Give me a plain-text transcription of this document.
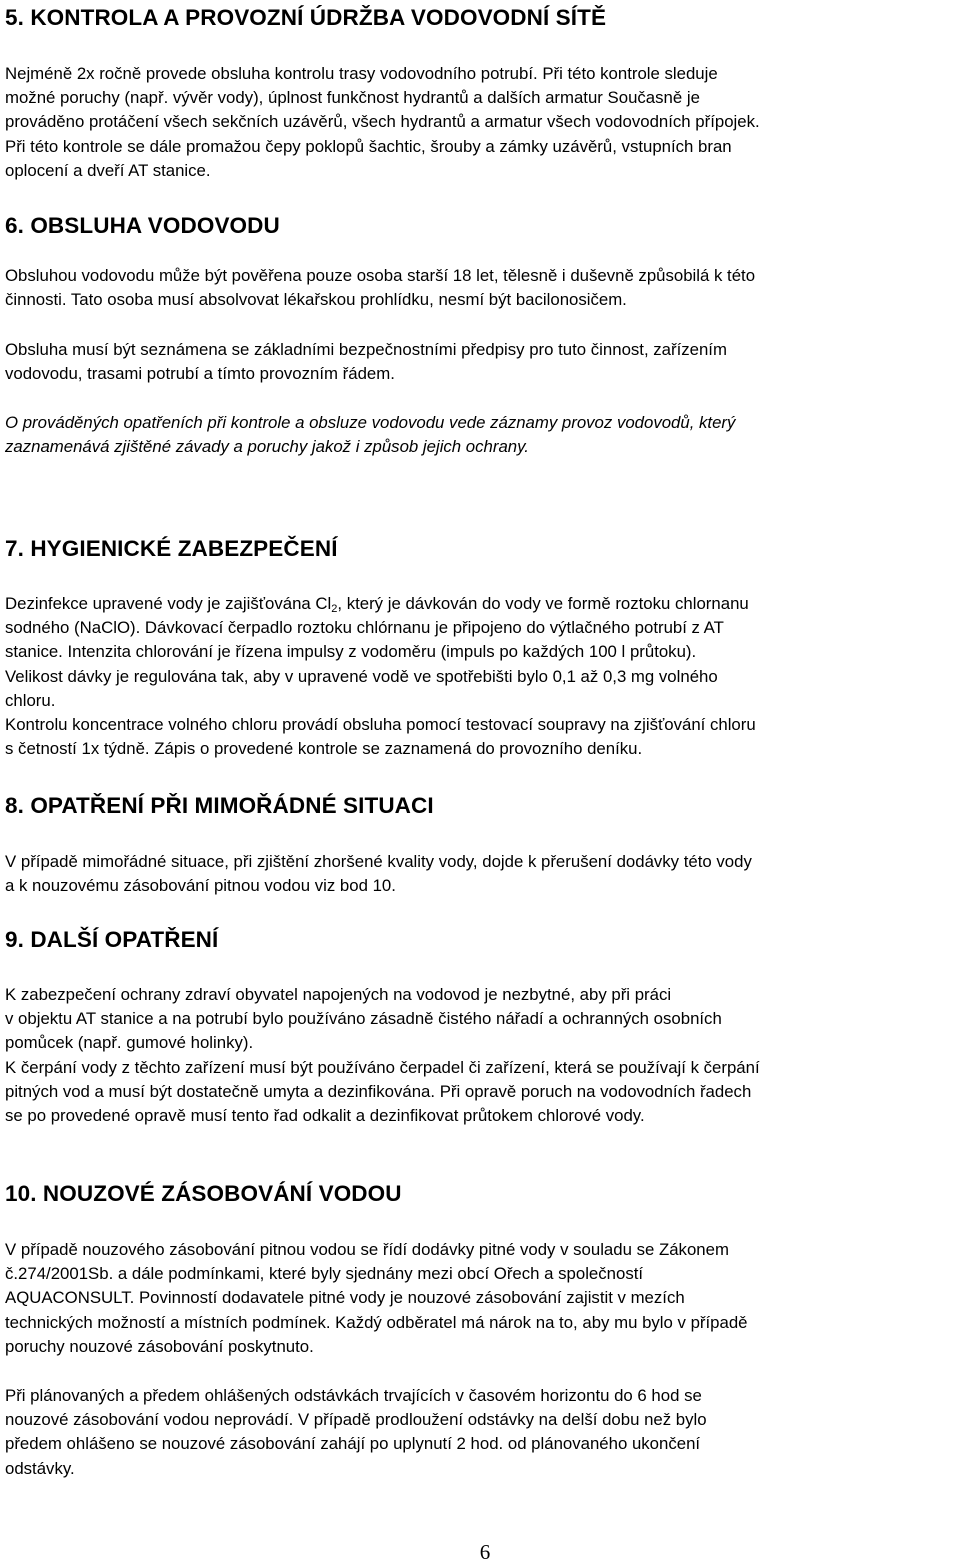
5. KONTROLA A PROVOZNÍ ÚDRŽBA VODOVODNÍ SÍTĚ

Nejméně 2x ročně provede obsluha kontrolu trasy vodovodního potrubí. Při této kontrole sleduje
možné poruchy (např. vývěr vody), úplnost funkčnost hydrantů a dalších armatur Současně je
prováděno protáčení všech sekčních uzávěrů, všech hydrantů a armatur všech vodovodních přípojek.
Při této kontrole se dále promažou čepy poklopů šachtic, šrouby a zámky uzávěrů, vstupních bran
oplocení a dveří AT stanice.

6. OBSLUHA VODOVODU

Obsluhou vodovodu může být pověřena pouze osoba starší 18 let, tělesně i duševně způsobilá k této
činnosti. Tato osoba musí absolvovat lékařskou prohlídku, nesmí být bacilonosičem.

Obsluha musí být seznámena se základními bezpečnostními předpisy pro tuto činnost, zařízením
vodovodu, trasami potrubí a tímto provozním řádem.

O prováděných opatřeních při kontrole a obsluze vodovodu vede záznamy provoz vodovodů, který
zaznamenává zjištěné závady a poruchy jakož i způsob jejich ochrany.

7. HYGIENICKÉ ZABEZPEČENÍ

Dezinfekce upravené vody je zajišťována $Cl_2$, který je dávkován do vody ve formě roztoku chlornanu
sodného (NaClO). Dávkovací čerpadlo roztoku chlórnanu je připojeno do výtlačného potrubí z AT
stanice. Intenzita chlorování je řízena impulsy z vodoměru (impuls po každých 100 l průtoku).
Velikost dávky je regulována tak, aby v upravené vodě ve spotřebišti bylo 0,1 až 0,3 mg volného
chloru.
Kontrolu koncentrace volného chloru provádí obsluha pomocí testovací soupravy na zjišťování chloru
s četností 1x týdně. Zápis o provedené kontrole se zaznamená do provozního deníku.

8. OPATŘENÍ PŘI MIMOŘÁDNÉ SITUACI

V případě mimořádné situace, při zjištění zhoršené kvality vody, dojde k přerušení dodávky této vody
a k nouzovému zásobování pitnou vodou viz bod 10.

9. DALŠÍ OPATŘENÍ

K zabezpečení ochrany zdraví obyvatel napojených na vodovod je nezbytné, aby při práci
v objektu AT stanice a na potrubí bylo používáno zásadně čistého nářadí a ochranných osobních
pomůcek (např. gumové holinky).
K čerpání vody z těchto zařízení musí být používáno čerpadel či zařízení, která se používají k čerpání
pitných vod a musí být dostatečně umyta a dezinfikována. Při opravě poruch na vodovodních řadech
se po provedené opravě musí tento řad odkalit a dezinfikovat průtokem chlorové vody.

10. NOUZOVÉ ZÁSOBOVÁNÍ VODOU

V případě nouzového zásobování pitnou vodou se řídí dodávky pitné vody v souladu se Zákonem
č.274/2001Sb. a dále podmínkami, které byly sjednány mezi obcí Ořech a společností
AQUACONSULT. Povinností dodavatele pitné vody je nouzové zásobování zajistit v mezích
technických možností a místních podmínek. Každý odběratel má nárok na to, aby mu bylo v případě
poruchy nouzové zásobování poskytnuto.

Při plánovaných a předem ohlášených odstávkách trvajících v časovém horizontu do 6 hod se
nouzové zásobování vodou neprovádí. V případě prodloužení odstávky na delší dobu než bylo
předem ohlášeno se nouzové zásobování zahájí po uplynutí 2 hod. od plánovaného ukončení
odstávky.

6
